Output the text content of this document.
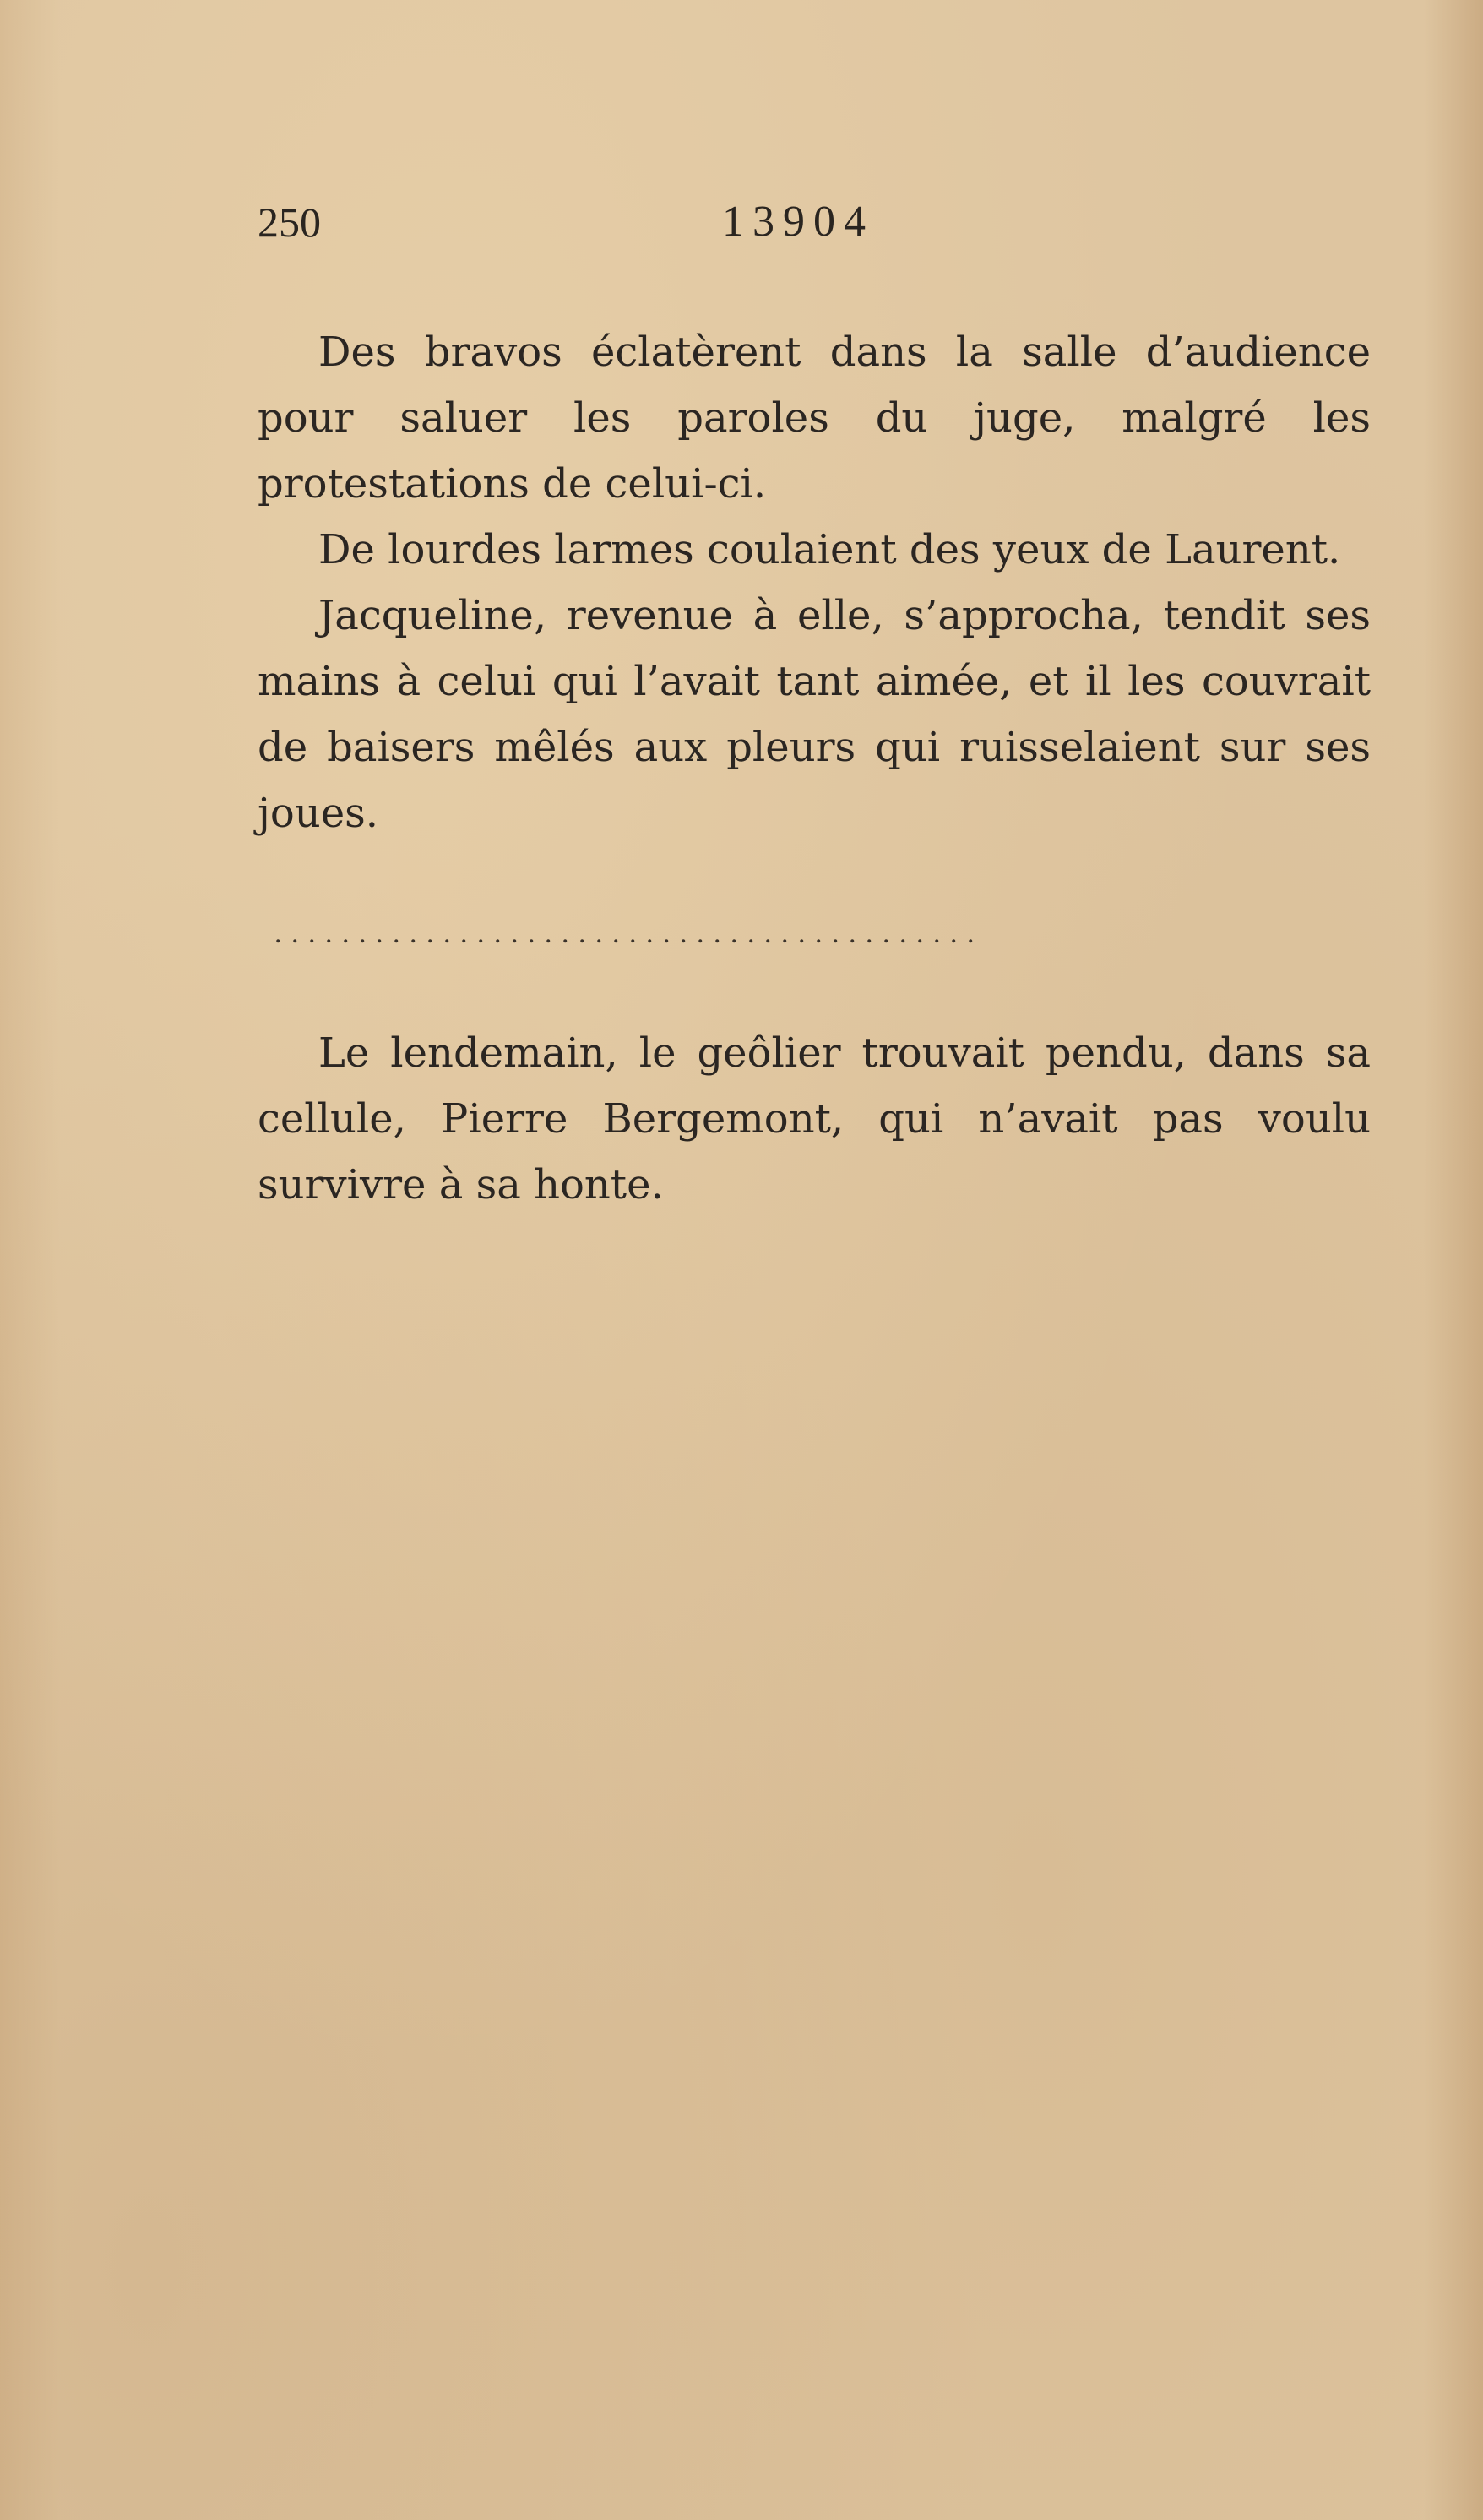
250	13904

Des bravos éclatèrent dans la salle d’audience pour saluer les paroles du juge, malgré les protestations de celui-ci.

De lourdes larmes coulaient des yeux de Laurent.

Jacqueline, revenue à elle, s’approcha, tendit ses mains à celui qui l’avait tant aimée, et il les couvrait de baisers mêlés aux pleurs qui ruisselaient sur ses joues.

..........................................

Le lendemain, le geôlier trouvait pendu, dans sa cellule, Pierre Bergemont, qui n’avait pas voulu survivre à sa honte.
